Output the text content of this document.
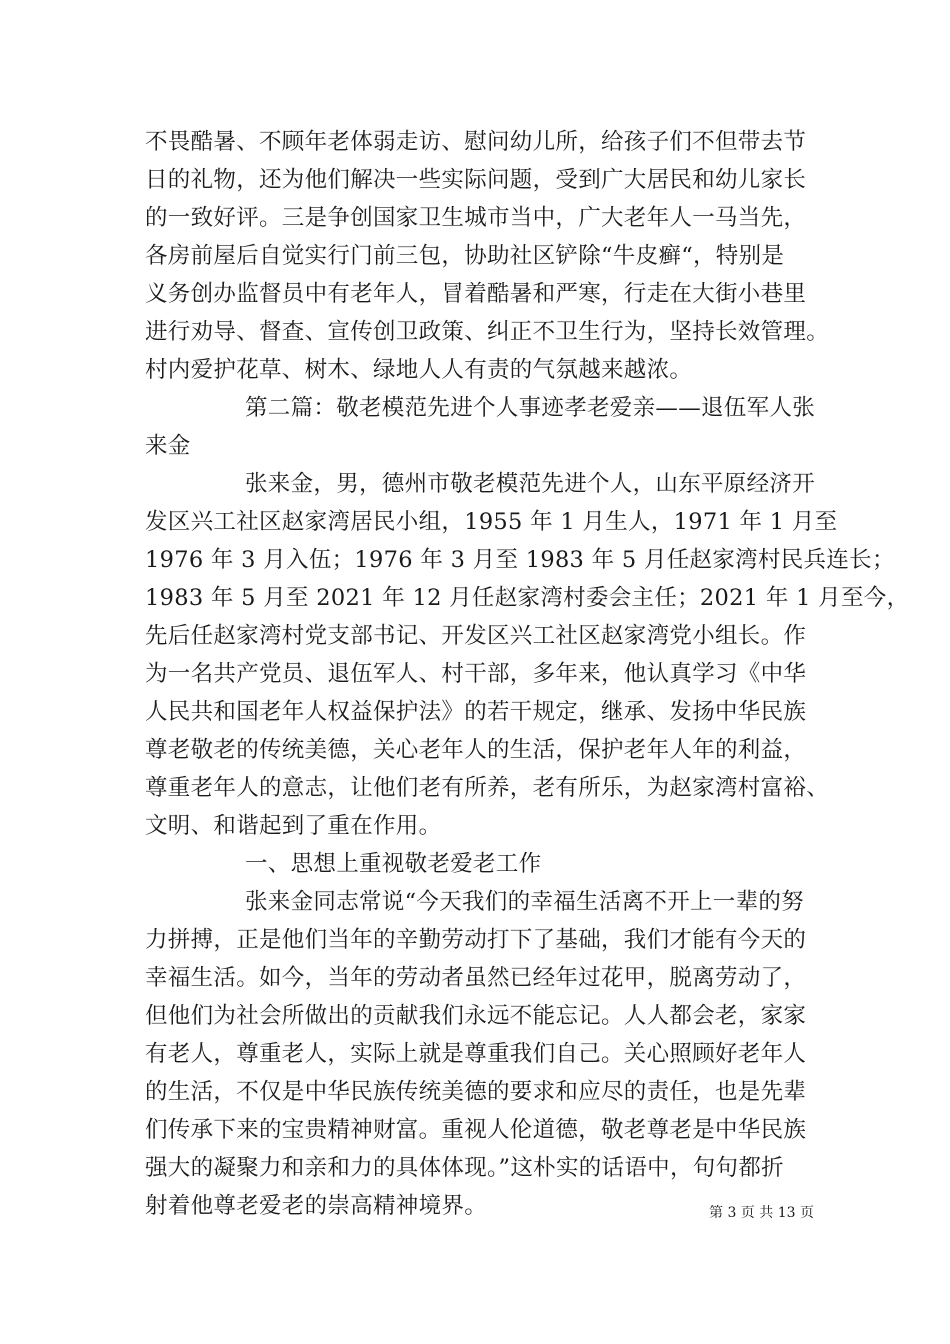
不畏酷暑、不顾年老体弱走访、慰问幼儿所，给孩子们不但带去节
日的礼物，还为他们解决一些实际问题，受到广大居民和幼儿家长
的一致好评。三是争创国家卫生城市当中，广大老年人一马当先，
各房前屋后自觉实行门前三包，协助社区铲除“牛皮癣“，特别是
义务创办监督员中有老年人，冒着酷暑和严寒，行走在大街小巷里
进行劝导、督查、宣传创卫政策、纠正不卫生行为，坚持长效管理。
村内爱护花草、树木、绿地人人有责的气氛越来越浓。
第二篇：敬老模范先进个人事迹孝老爱亲——退伍军人张
来金
张来金，男，德州市敬老模范先进个人，山东平原经济开
发区兴工社区赵家湾居民小组，1955 年 1 月生人，1971 年 1 月至
1976 年 3 月入伍；1976 年 3 月至 1983 年 5 月任赵家湾村民兵连长；
1983 年 5 月至 2021 年 12 月任赵家湾村委会主任；2021 年 1 月至今，
先后任赵家湾村党支部书记、开发区兴工社区赵家湾党小组长。作
为一名共产党员、退伍军人、村干部，多年来，他认真学习《中华
人民共和国老年人权益保护法》的若干规定，继承、发扬中华民族
尊老敬老的传统美德，关心老年人的生活，保护老年人年的利益，
尊重老年人的意志，让他们老有所养，老有所乐，为赵家湾村富裕、
文明、和谐起到了重在作用。
一、思想上重视敬老爱老工作
张来金同志常说“今天我们的幸福生活离不开上一辈的努
力拼搏，正是他们当年的辛勤劳动打下了基础，我们才能有今天的
幸福生活。如今，当年的劳动者虽然已经年过花甲，脱离劳动了，
但他们为社会所做出的贡献我们永远不能忘记。人人都会老，家家
有老人，尊重老人，实际上就是尊重我们自己。关心照顾好老年人
的生活，不仅是中华民族传统美德的要求和应尽的责任，也是先辈
们传承下来的宝贵精神财富。重视人伦道德，敬老尊老是中华民族
强大的凝聚力和亲和力的具体体现。”这朴实的话语中，句句都折
射着他尊老爱老的崇高精神境界。	第 3 页 共 13 页
